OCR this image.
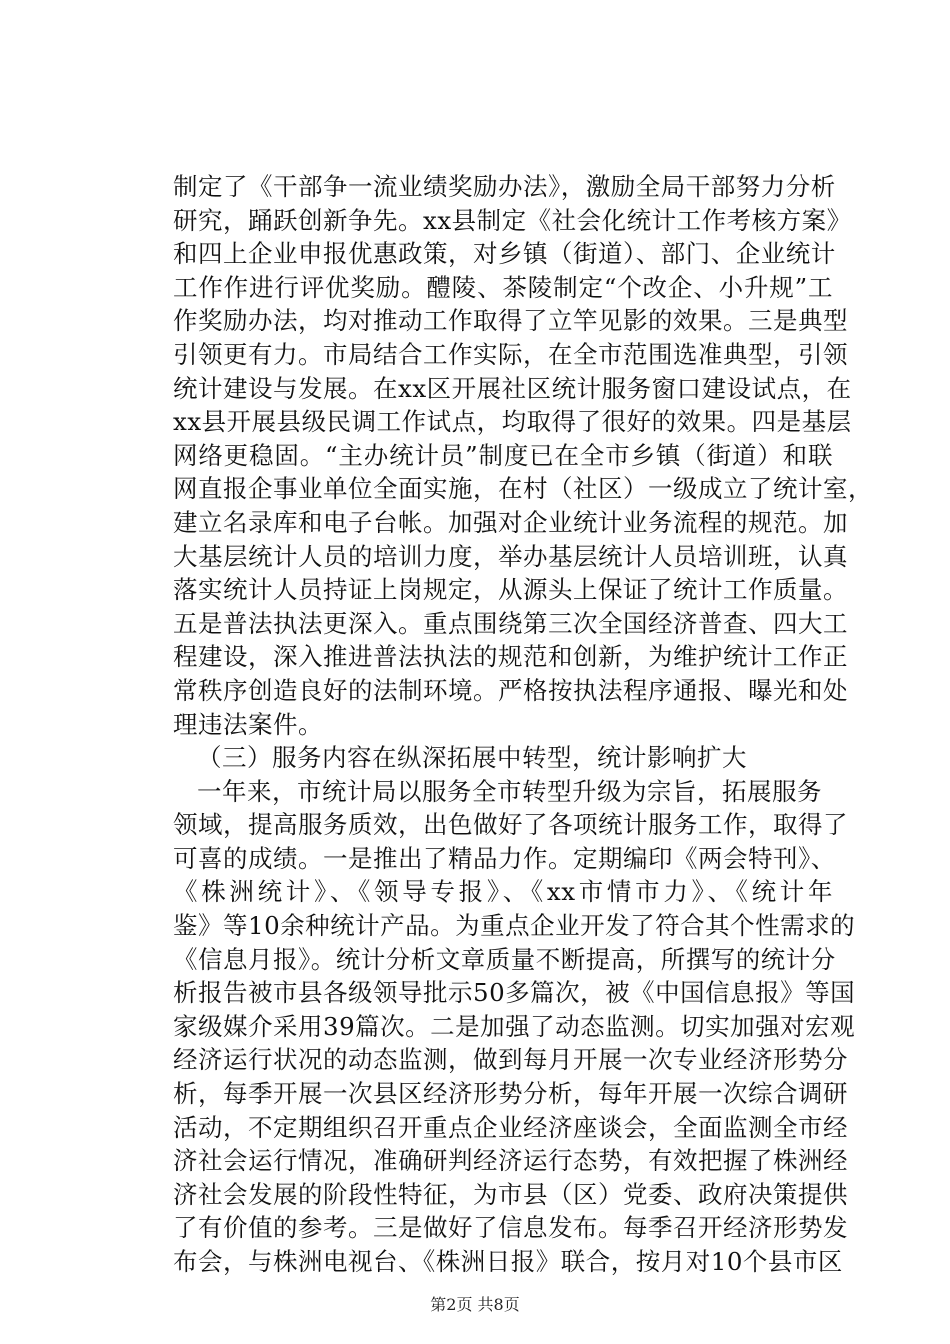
制定了《干部争一流业绩奖励办法》，激励全局干部努力分析
研究，踊跃创新争先。xx县制定《社会化统计工作考核方案》
和四上企业申报优惠政策，对乡镇（街道）、部门、企业统计
工作作进行评优奖励。醴陵、茶陵制定“个改企、小升规”工
作奖励办法，均对推动工作取得了立竿见影的效果。三是典型
引领更有力。市局结合工作实际，在全市范围选准典型，引领
统计建设与发展。在xx区开展社区统计服务窗口建设试点，在
xx县开展县级民调工作试点，均取得了很好的效果。四是基层
网络更稳固。“主办统计员”制度已在全市乡镇（街道）和联
网直报企事业单位全面实施，在村（社区）一级成立了统计室，
建立名录库和电子台帐。加强对企业统计业务流程的规范。加
大基层统计人员的培训力度，举办基层统计人员培训班，认真
落实统计人员持证上岗规定，从源头上保证了统计工作质量。
五是普法执法更深入。重点围绕第三次全国经济普查、四大工
程建设，深入推进普法执法的规范和创新，为维护统计工作正
常秩序创造良好的法制环境。严格按执法程序通报、曝光和处
理违法案件。
（三）服务内容在纵深拓展中转型，统计影响扩大
一年来，市统计局以服务全市转型升级为宗旨，拓展服务
领域，提高服务质效，出色做好了各项统计服务工作，取得了
可喜的成绩。一是推出了精品力作。定期编印《两会特刊》、
《株洲统计》、《领导专报》、《xx市情市力》、《统计年
鉴》等10余种统计产品。为重点企业开发了符合其个性需求的
《信息月报》。统计分析文章质量不断提高，所撰写的统计分
析报告被市县各级领导批示50多篇次，被《中国信息报》等国
家级媒介采用39篇次。二是加强了动态监测。切实加强对宏观
经济运行状况的动态监测，做到每月开展一次专业经济形势分
析，每季开展一次县区经济形势分析，每年开展一次综合调研
活动，不定期组织召开重点企业经济座谈会，全面监测全市经
济社会运行情况，准确研判经济运行态势，有效把握了株洲经
济社会发展的阶段性特征，为市县（区）党委、政府决策提供
了有价值的参考。三是做好了信息发布。每季召开经济形势发
布会，与株洲电视台、《株洲日报》联合，按月对10个县市区
第2页 共8页
